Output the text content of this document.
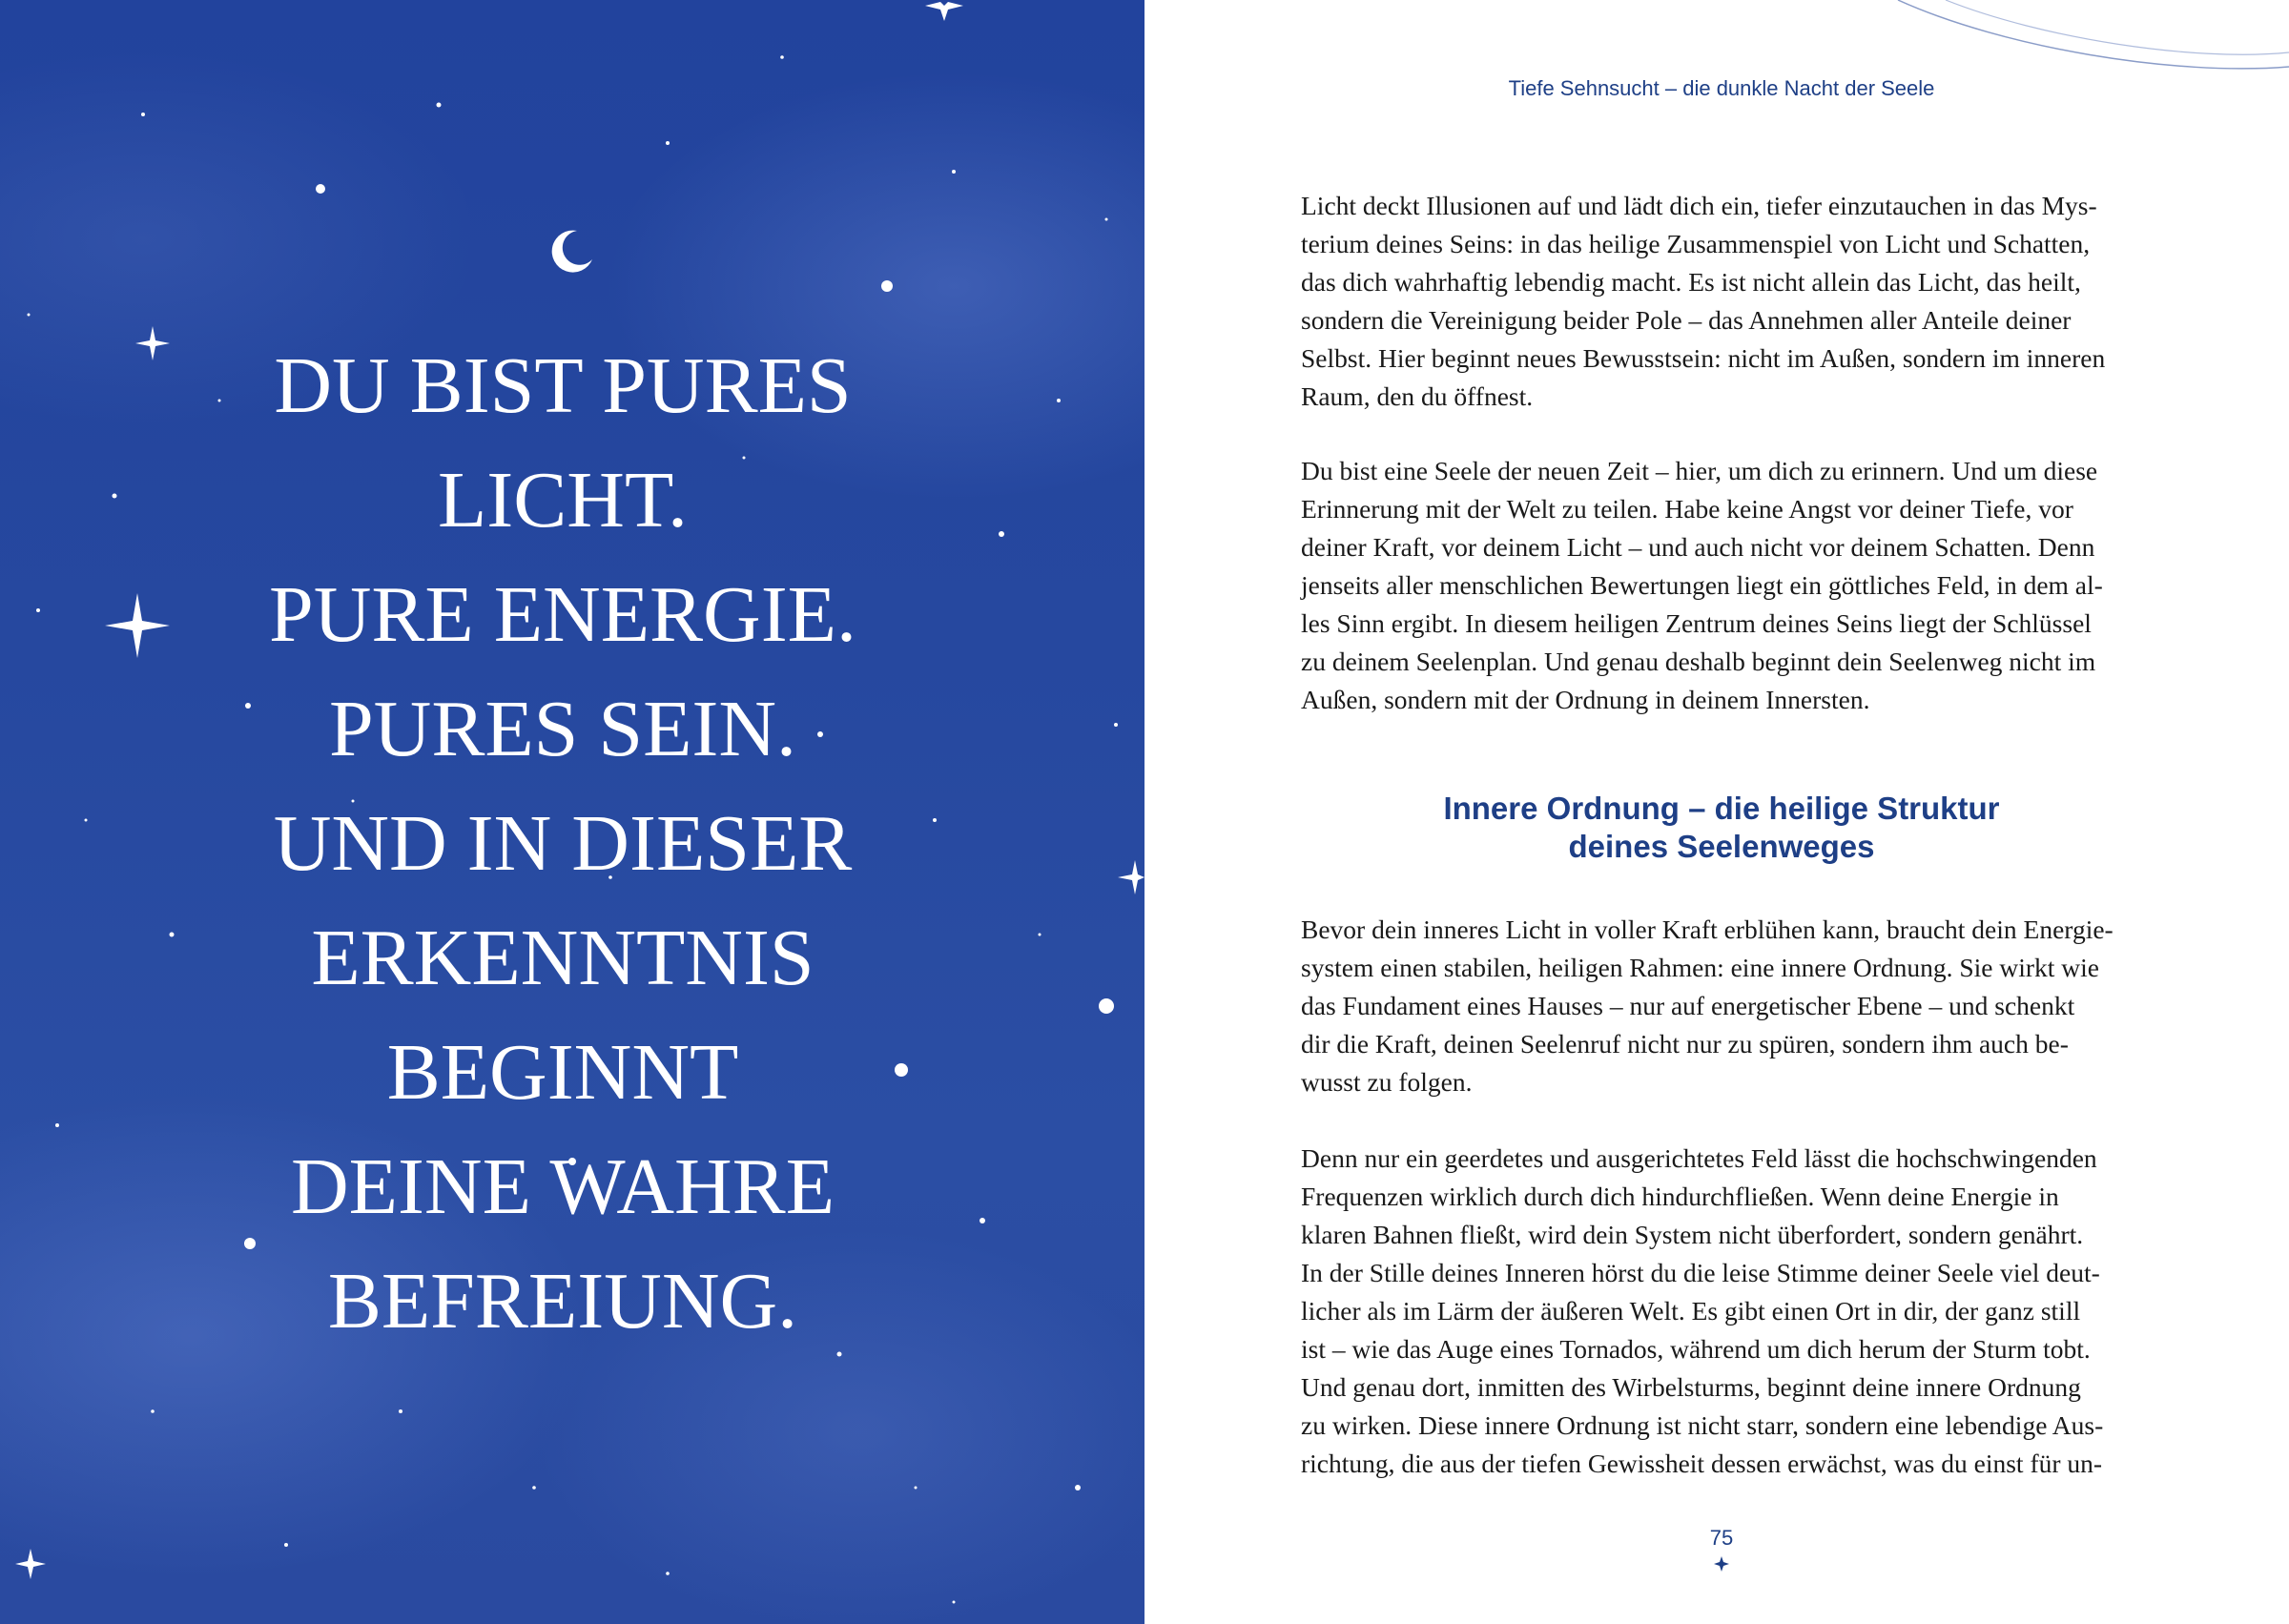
DU BIST PURES
LICHT.
PURE ENERGIE.
PURES SEIN.
UND IN DIESER
ERKENNTNIS
BEGINNT
DEINE WAHRE
BEFREIUNG.
Tiefe Sehnsucht – die dunkle Nacht der Seele
Licht deckt Illusionen auf und lädt dich ein, tiefer einzutauchen in das Mys-
terium deines Seins: in das heilige Zusammenspiel von Licht und Schatten,
das dich wahrhaftig lebendig macht. Es ist nicht allein das Licht, das heilt,
sondern die Vereinigung beider Pole – das Annehmen aller Anteile deiner
Selbst. Hier beginnt neues Bewusstsein: nicht im Außen, sondern im inneren
Raum, den du öffnest.
Du bist eine Seele der neuen Zeit – hier, um dich zu erinnern. Und um diese
Erinnerung mit der Welt zu teilen. Habe keine Angst vor deiner Tiefe, vor
deiner Kraft, vor deinem Licht – und auch nicht vor deinem Schatten. Denn
jenseits aller menschlichen Bewertungen liegt ein göttliches Feld, in dem al-
les Sinn ergibt. In diesem heiligen Zentrum deines Seins liegt der Schlüssel
zu deinem Seelenplan. Und genau deshalb beginnt dein Seelenweg nicht im
Außen, sondern mit der Ordnung in deinem Innersten.
Innere Ordnung – die heilige Struktur
deines Seelenweges
Bevor dein inneres Licht in voller Kraft erblühen kann, braucht dein Energie-
system einen stabilen, heiligen Rahmen: eine innere Ordnung. Sie wirkt wie
das Fundament eines Hauses – nur auf energetischer Ebene – und schenkt
dir die Kraft, deinen Seelenruf nicht nur zu spüren, sondern ihm auch be-
wusst zu folgen.
Denn nur ein geerdetes und ausgerichtetes Feld lässt die hochschwingenden
Frequenzen wirklich durch dich hindurchfließen. Wenn deine Energie in
klaren Bahnen fließt, wird dein System nicht überfordert, sondern genährt.
In der Stille deines Inneren hörst du die leise Stimme deiner Seele viel deut-
licher als im Lärm der äußeren Welt. Es gibt einen Ort in dir, der ganz still
ist – wie das Auge eines Tornados, während um dich herum der Sturm tobt.
Und genau dort, inmitten des Wirbelsturms, beginnt deine innere Ordnung
zu wirken. Diese innere Ordnung ist nicht starr, sondern eine lebendige Aus-
richtung, die aus der tiefen Gewissheit dessen erwächst, was du einst für un-
75
